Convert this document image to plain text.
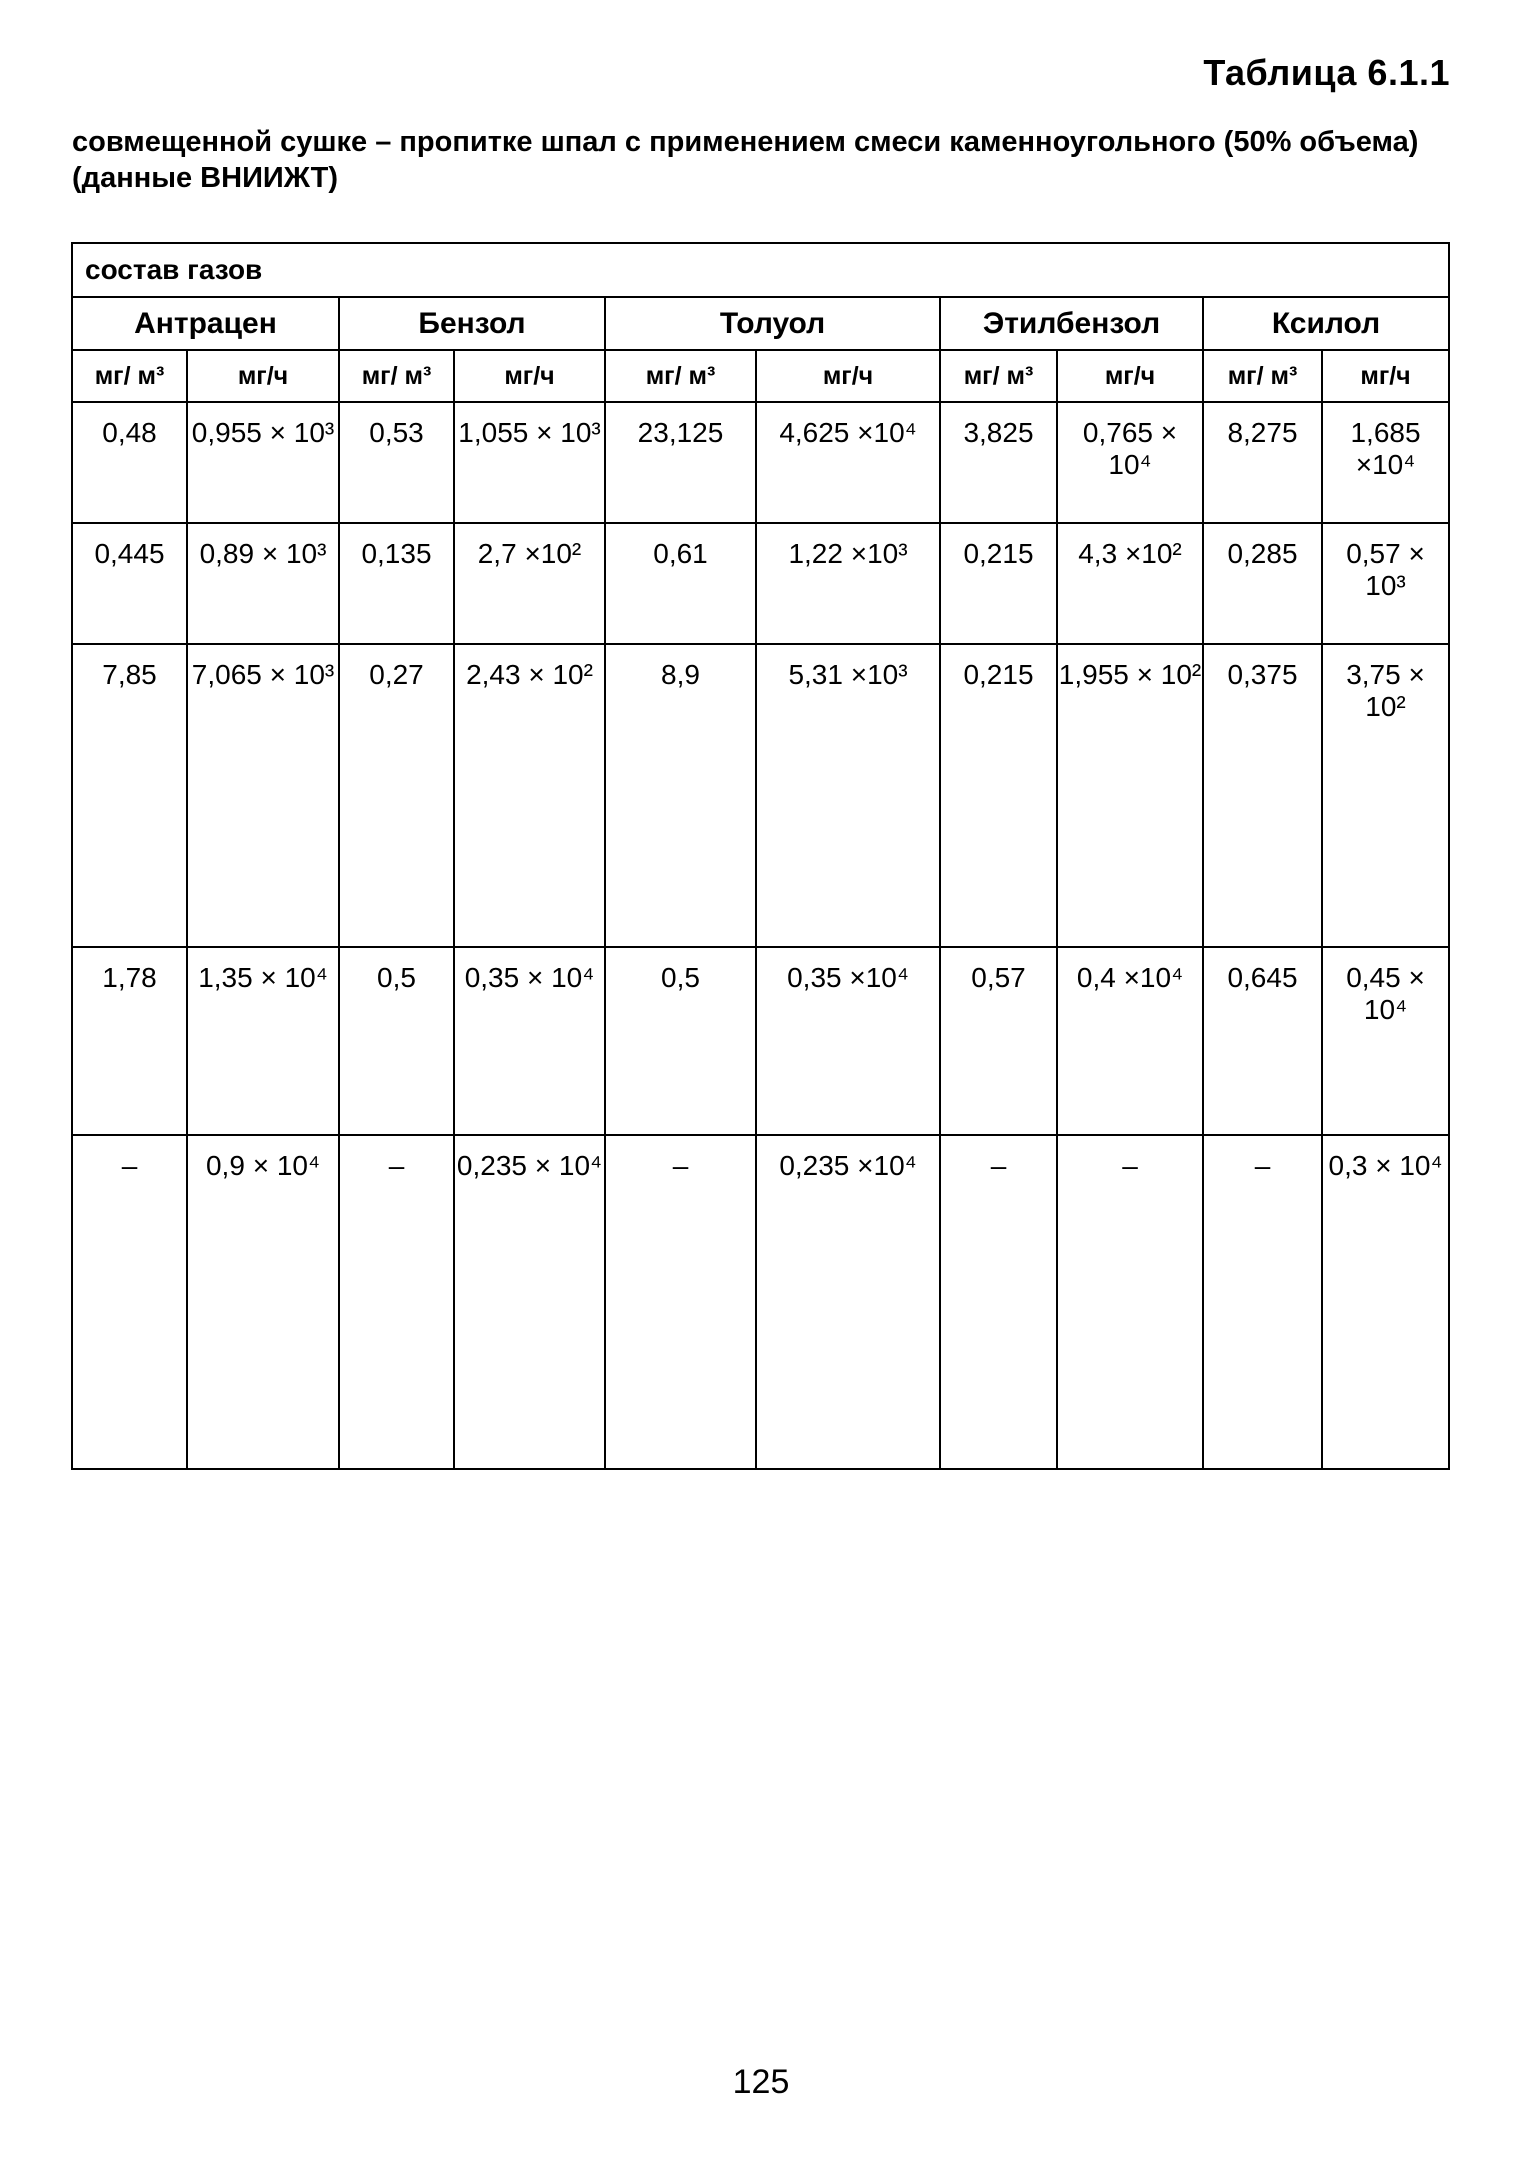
Таблица 6.1.1
совмещенной сушке – пропитке шпал с применением смеси каменноугольного (50% объема) (данные ВНИИЖТ)
состав газов									
Антрацен		Бензол		Толуол		Этилбензол		Ксилол	
мг/ м³	мг/ч	мг/ м³	мг/ч	мг/ м³	мг/ч	мг/ м³	мг/ч	мг/ м³	мг/ч
0,48	0,955 × 10³	0,53	1,055 × 10³	23,125	4,625 ×10⁴	3,825	0,765 × 10⁴	8,275	1,685 ×10⁴
0,445	0,89 × 10³	0,135	2,7 ×10²	0,61	1,22 ×10³	0,215	4,3 ×10²	0,285	0,57 × 10³
7,85	7,065 × 10³	0,27	2,43 × 10²	8,9	5,31 ×10³	0,215	1,955 × 10²	0,375	3,75 × 10²
1,78	1,35 × 10⁴	0,5	0,35 × 10⁴	0,5	0,35 ×10⁴	0,57	0,4 ×10⁴	0,645	0,45 × 10⁴
–	0,9 × 10⁴	–	0,235 × 10⁴	–	0,235 ×10⁴	–	–	–	0,3 × 10⁴
125
